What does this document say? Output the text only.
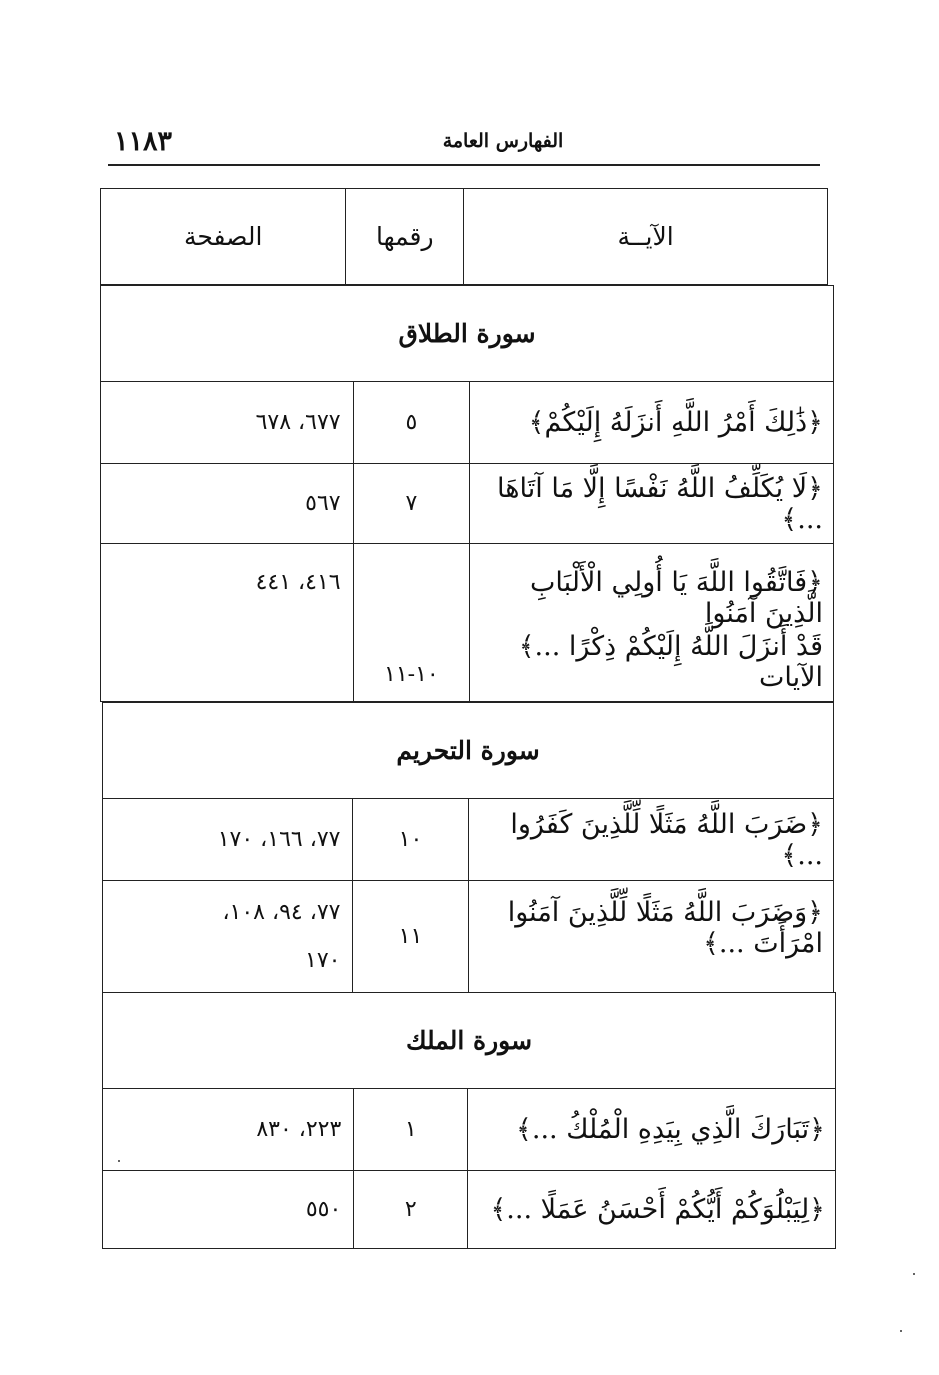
١١٨٣	الفهارس العامة
الآيــة	رقمها	الصفحة
سورة الطلاق		
﴿ذَٰلِكَ أَمْرُ اللَّهِ أَنزَلَهُ إِلَيْكُمْ﴾	٥	٦٧٧، ٦٧٨
﴿لَا يُكَلِّفُ اللَّهُ نَفْسًا إِلَّا مَا آتَاهَا ...﴾	٧	٥٦٧

﴿فَاتَّقُوا اللَّهَ يَا أُولِي الْأَلْبَابِ الَّذِينَ آمَنُوا
قَدْ أَنزَلَ اللَّهُ إِلَيْكُمْ ذِكْرًا ...﴾ الآيات	١٠-١١	٤١٦، ٤٤١
سورة التحريم		
﴿ضَرَبَ اللَّهُ مَثَلًا لِّلَّذِينَ كَفَرُوا ...﴾	١٠	٧٧، ١٦٦، ١٧٠
﴿وَضَرَبَ اللَّهُ مَثَلًا لِّلَّذِينَ آمَنُوا امْرَأَتَ ...﴾	١١	٧٧، ٩٤، ١٠٨،
١٧٠
سورة الملك		
﴿تَبَارَكَ الَّذِي بِيَدِهِ الْمُلْكُ ...﴾	١	٢٢٣، ٨٣٠
﴿لِيَبْلُوَكُمْ أَيُّكُمْ أَحْسَنُ عَمَلًا ...﴾	٢	٥٥٠
